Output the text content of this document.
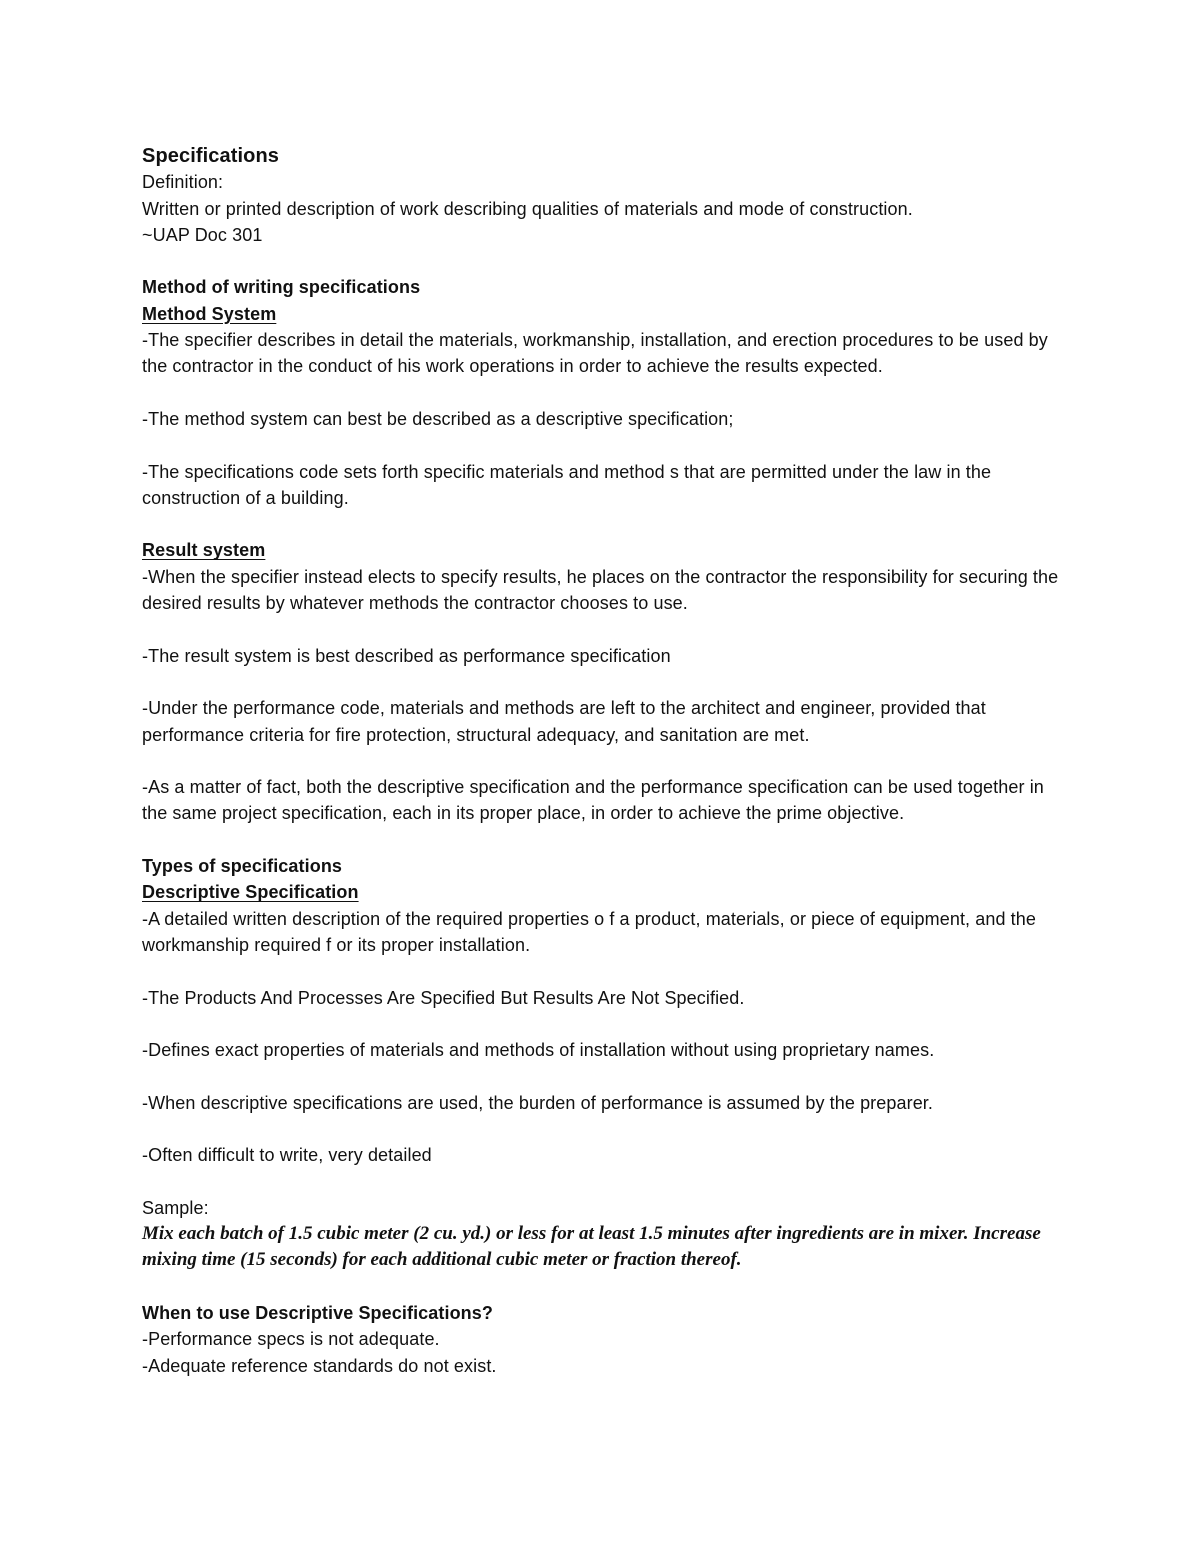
Specifications

Definition:

Written or printed description of work describing qualities of materials and mode of construction.

~UAP Doc 301

Method of writing specifications

Method System

-The specifier describes in detail the materials, workmanship, installation, and erection procedures to be used by the contractor in the conduct of his work operations in order to achieve the results expected.

-The method system can best be described as a descriptive specification;

-The specifications code sets forth specific materials and method s that are permitted under the law in the construction of a building.

Result system

-When the specifier instead elects to specify results, he places on the contractor the responsibility for securing the desired results by whatever methods the contractor chooses to use.

-The result system is best described as performance specification

-Under the performance code, materials and methods are left to the architect and engineer, provided that performance criteria for fire protection, structural adequacy, and sanitation are met.

-As a matter of fact, both the descriptive specification and the performance specification can be used together in the same project specification, each in its proper place, in order to achieve the prime objective.

Types of specifications

Descriptive Specification

-A detailed written description of the required properties o f a product, materials, or piece of equipment, and the workmanship required f or its proper installation.

-The Products And Processes Are Specified But Results Are Not Specified.

-Defines exact properties of materials and methods of installation without using proprietary names.

-When descriptive specifications are used, the burden of performance is assumed by the preparer.

-Often difficult to write, very detailed

Sample:

Mix each batch of 1.5 cubic meter (2 cu. yd.) or less for at least 1.5 minutes after ingredients are in mixer. Increase mixing time (15 seconds) for each additional cubic meter or fraction thereof.

When to use Descriptive Specifications?

-Performance specs is not adequate.

-Adequate reference standards do not exist.
